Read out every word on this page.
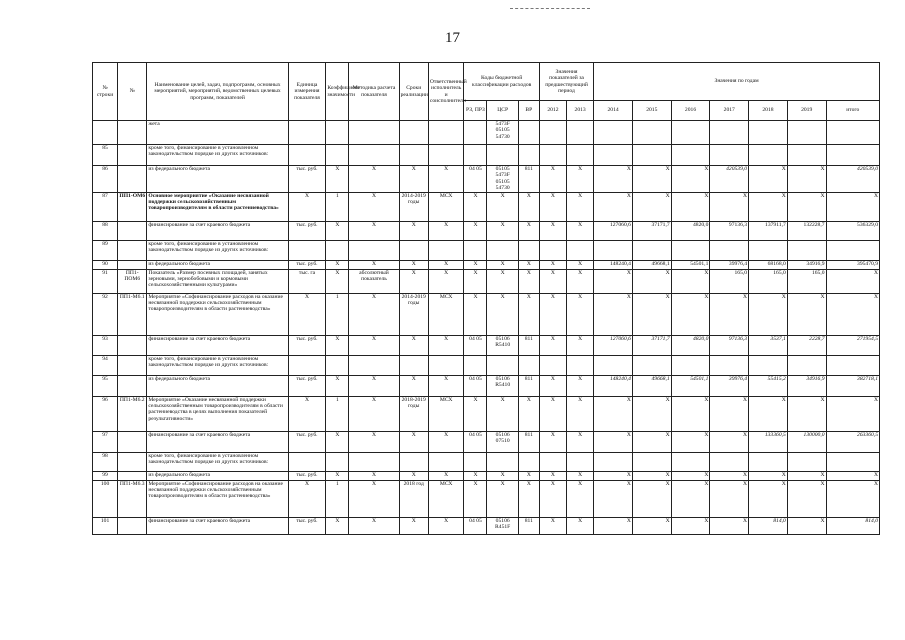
17
№
строки	№	Наименование целей, задач, подпрограмм, основных мероприятий, мероприятий, ведомственных целевых программ, показателей	Единица измерения показателя	Коэффициент значимости	Методика расчета показателя	Сроки реализации	Ответственный исполнитель и соисполнители	Коды бюджетной классификации расходов			Значения показателей за предшествующий период		Значения по годам						
								РЗ, ПРЗ	ЦСР	ВР	2012	2013	2014	2015	2016	2017	2018	2019	итого
		жета							5473F
05105
54730										
85		кроме того, финансирование в установленном законодательством порядке из других источников:																	
86		из федерального бюджета	тыс. руб.	Х	Х	Х	Х	04 05	05105
5473F
05105
54730	811	Х	Х	Х	Х	Х	420539,0	Х	Х	420539,0
87	ПП1-ОМ6	Основное мероприятие «Оказание несвязанной поддержки сельскохозяйственным товаропроизводителям в области растениеводства»	Х	1	Х	2014-2019 годы	МСХ	Х	Х	Х	Х	Х	Х	Х	Х	Х	Х	Х	Х
88		финансирование за счет краевого бюджета	тыс. руб.	Х	Х	Х	Х	Х	Х	Х	Х	Х	127060,6	37171,7	4820,0	97136,3	137911,7	132228,7	536329,0
89		кроме того, финансирование в установленном законодательством порядке из других источников:																	
90		из федерального бюджета	тыс. руб.	Х	Х	Х	Х	Х	Х	Х	Х	Х	148240,4	49668,1	54501,1	39976,4	68168,0	34916,9	395470,9
91	ПП1-ПОМ6	Показатель «Размер посевных площадей, занятых зерновыми, зернобобовыми и кормовыми сельскохозяйственными культурами»	тыс. га	Х	абсолютный показатель	Х	Х	Х	Х	Х	Х	Х	Х	Х	Х	165,0	165,0	165,0	Х
92	ПП1-М6.1	Мероприятие «Софинансирование расходов на оказание несвязанной поддержки сельскохозяйственным товаропроизводителям в области растениеводства»	Х	1	Х	2014-2019 годы	МСХ	Х	Х	Х	Х	Х	Х	Х	Х	Х	Х	Х	Х
93		финансирование за счет краевого бюджета	тыс. руб.	Х	Х	Х	Х	04 05	05106
R5410	811	Х	Х	127060,6	37171,7	4820,0	97136,3	3537,1	2228,7	271954,5
94		кроме того, финансирование в установленном законодательством порядке из других источников:																	
95		из федерального бюджета	тыс. руб.	Х	Х	Х	Х	04 05	05106
R5410	811	Х	Х	148240,4	49668,1	54501,1	39976,4	55415,2	34916,9	382718,1
96	ПП1-М6.2	Мероприятие «Оказание несвязанной поддержки сельскохозяйственным товаропроизводителям в области растениеводства в целях выполнения показателей результативности»	Х	1	Х	2018-2019 годы	МСХ	Х	Х	Х	Х	Х	Х	Х	Х	Х	Х	Х	Х
97		финансирование за счет краевого бюджета	тыс. руб.	Х	Х	Х	Х	04 05	05106
07510	811	Х	Х	Х	Х	Х	Х	133360,5	130000,0	263360,5
98		кроме того, финансирование в установленном законодательством порядке из других источников:																	
99		из федерального бюджета	тыс. руб.	Х	Х	Х	Х	Х	Х	Х	Х	Х	Х	Х	Х	Х	Х	Х	Х
100	ПП1-М6.3	Мероприятие «Софинансирование расходов на оказание несвязанной поддержки сельскохозяйственным товаропроизводителям в области растениеводства»	Х	1	Х	2018 год	МСХ	Х	Х	Х	Х	Х	Х	Х	Х	Х	Х	Х	Х
101		финансирование за счет краевого бюджета	тыс. руб.	Х	Х	Х	Х	04 05	05106
R451F	811	Х	Х	Х	Х	Х	Х	814,0	Х	814,0
